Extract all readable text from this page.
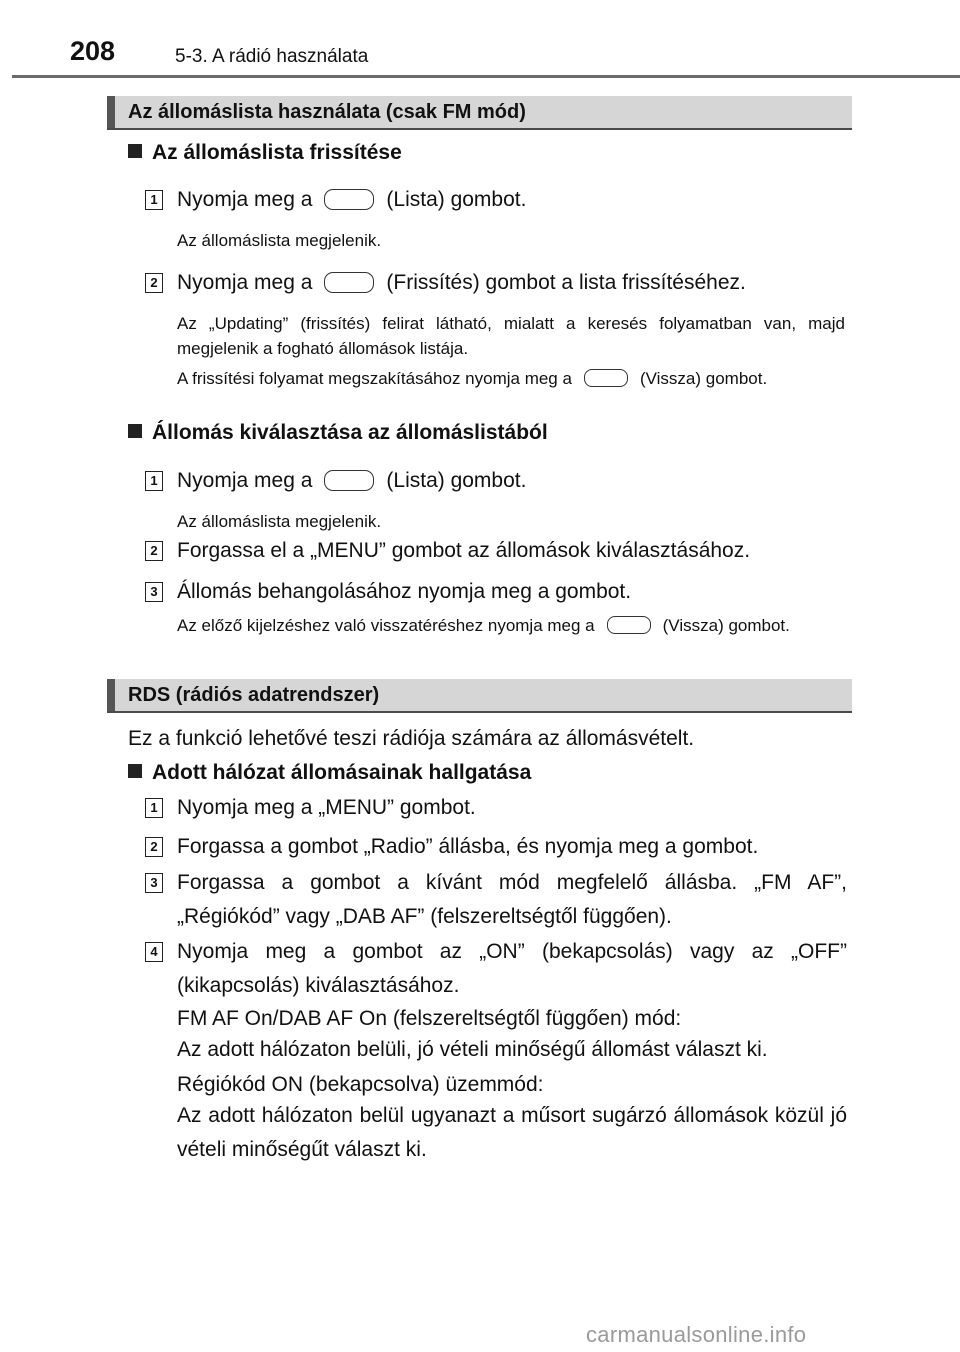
208	5-3. A rádió használata
Az állomáslista használata (csak FM mód)
Az állomáslista frissítése
1 Nyomja meg a	(Lista) gombot.
Az állomáslista megjelenik.
2 Nyomja meg a	(Frissítés) gombot a lista frissítéséhez.
Az „Updating” (frissítés) felirat látható, mialatt a keresés folyamatban van, majd megjelenik a fogható állomások listája.
A frissítési folyamat megszakításához nyomja meg a	(Vissza) gombot.
Állomás kiválasztása az állomáslistából
1 Nyomja meg a	(Lista) gombot.
Az állomáslista megjelenik.
2 Forgassa el a „MENU” gombot az állomások kiválasztásához.
3 Állomás behangolásához nyomja meg a gombot.
Az előző kijelzéshez való visszatéréshez nyomja meg a	(Vissza) gombot.
RDS (rádiós adatrendszer)
Ez a funkció lehetővé teszi rádiója számára az állomásvételt.
Adott hálózat állomásainak hallgatása
1 Nyomja meg a „MENU” gombot.
2 Forgassa a gombot „Radio” állásba, és nyomja meg a gombot.
3 Forgassa a gombot a kívánt mód megfelelő állásba. „FM AF”, „Régiókód” vagy „DAB AF” (felszereltségtől függően).
4 Nyomja meg a gombot az „ON” (bekapcsolás) vagy az „OFF” (kikapcsolás) kiválasztásához.
FM AF On/DAB AF On (felszereltségtől függően) mód:
Az adott hálózaton belüli, jó vételi minőségű állomást választ ki.
Régiókód ON (bekapcsolva) üzemmód:
Az adott hálózaton belül ugyanazt a műsort sugárzó állomások közül jó vételi minőségűt választ ki.
carmanualsonline.info
